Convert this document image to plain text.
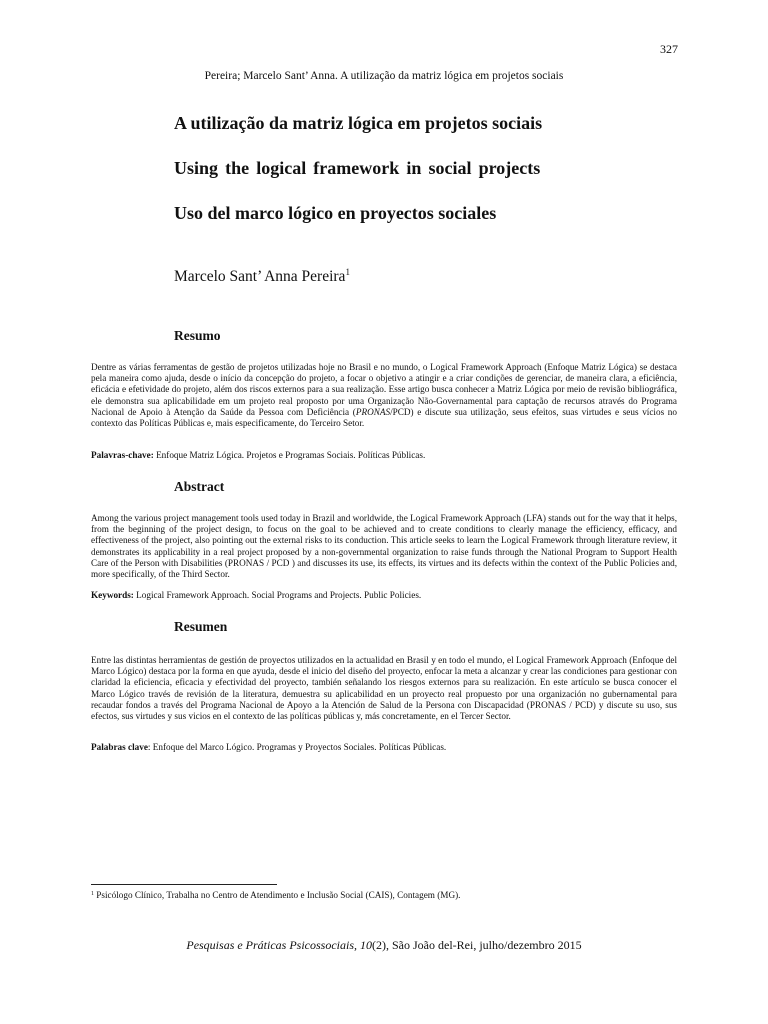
327
Pereira; Marcelo Sant’ Anna. A utilização da matriz lógica em projetos sociais
A utilização da matriz lógica em projetos sociais
Using the logical framework in social projects
Uso del marco lógico en proyectos sociales
Marcelo Sant’ Anna Pereira$^1$
Resumo

Dentre as várias ferramentas de gestão de projetos utilizadas hoje no Brasil e no mundo, o Logical Framework Approach (Enfoque Matriz Lógica) se destaca pela maneira como ajuda, desde o início da concepção do projeto, a focar o objetivo a atingir e a criar condições de gerenciar, de maneira clara, a eficiência, eficácia e efetividade do projeto, além dos riscos externos para a sua realização. Esse artigo busca conhecer a Matriz Lógica por meio de revisão bibliográfica, ele demonstra sua aplicabilidade em um projeto real proposto por uma Organização Não-Governamental para captação de recursos através do Programa Nacional de Apoio à Atenção da Saúde da Pessoa com Deficiência (PRONAS/PCD) e discute sua utilização, seus efeitos, suas virtudes e seus vícios no contexto das Políticas Públicas e, mais especificamente, do Terceiro Setor.

Palavras-chave: Enfoque Matriz Lógica. Projetos e Programas Sociais. Políticas Públicas.
Abstract

Among the various project management tools used today in Brazil and worldwide, the Logical Framework Approach (LFA) stands out for the way that it helps, from the beginning of the project design, to focus on the goal to be achieved and to create conditions to clearly manage the efficiency, efficacy, and effectiveness of the project, also pointing out the external risks to its conduction. This article seeks to learn the Logical Framework through literature review, it demonstrates its applicability in a real project proposed by a non-governmental organization to raise funds through the National Program to Support Health Care of the Person with Disabilities (PRONAS / PCD ) and discusses its use, its effects, its virtues and its defects within the context of the Public Policies and, more specifically, of the Third Sector.

Keywords: Logical Framework Approach. Social Programs and Projects. Public Policies.
Resumen

Entre las distintas herramientas de gestión de proyectos utilizados en la actualidad en Brasil y en todo el mundo, el Logical Framework Approach (Enfoque del Marco Lógico) destaca por la forma en que ayuda, desde el inicio del diseño del proyecto, enfocar la meta a alcanzar y crear las condiciones para gestionar con claridad la eficiencia, eficacia y efectividad del proyecto, también señalando los riesgos externos para su realización. En este artículo se busca conocer el Marco Lógico través de revisión de la literatura, demuestra su aplicabilidad en un proyecto real propuesto por una organización no gubernamental para recaudar fondos a través del Programa Nacional de Apoyo a la Atención de Salud de la Persona con Discapacidad (PRONAS / PCD) y discute su uso, sus efectos, sus virtudes y sus vicios en el contexto de las políticas públicas y, más concretamente, en el Tercer Sector.

Palabras clave: Enfoque del Marco Lógico. Programas y Proyectos Sociales. Políticas Públicas.
$^1$ Psicólogo Clínico, Trabalha no Centro de Atendimento e Inclusão Social (CAIS), Contagem (MG).
Pesquisas e Práticas Psicossociais, 10(2), São João del-Rei, julho/dezembro 2015
